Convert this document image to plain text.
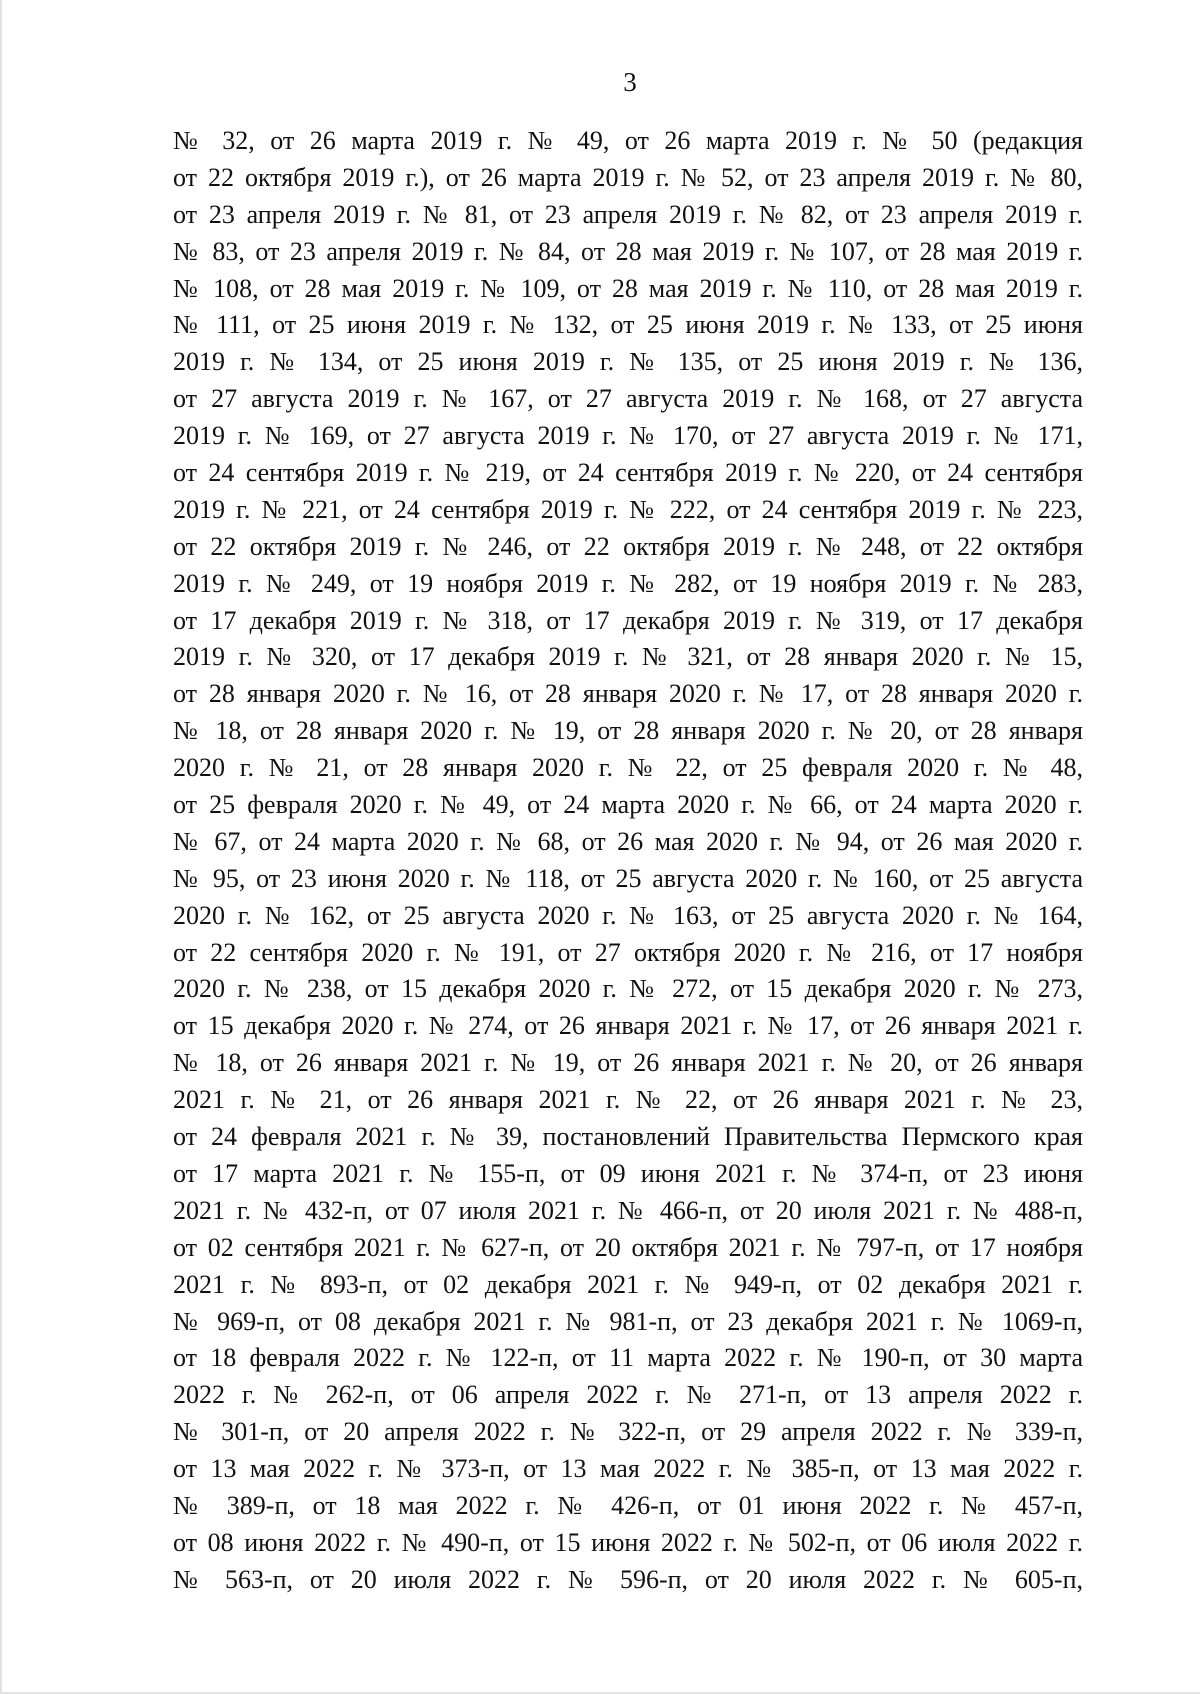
3
№ 32, от 26 марта 2019 г. № 49, от 26 марта 2019 г. № 50 (редакция
от 22 октября 2019 г.), от 26 марта 2019 г. № 52, от 23 апреля 2019 г. № 80,
от 23 апреля 2019 г. № 81, от 23 апреля 2019 г. № 82, от 23 апреля 2019 г.
№ 83, от 23 апреля 2019 г. № 84, от 28 мая 2019 г. № 107, от 28 мая 2019 г.
№ 108, от 28 мая 2019 г. № 109, от 28 мая 2019 г. № 110, от 28 мая 2019 г.
№ 111, от 25 июня 2019 г. № 132, от 25 июня 2019 г. № 133, от 25 июня
2019 г. № 134, от 25 июня 2019 г. № 135, от 25 июня 2019 г. № 136,
от 27 августа 2019 г. № 167, от 27 августа 2019 г. № 168, от 27 августа
2019 г. № 169, от 27 августа 2019 г. № 170, от 27 августа 2019 г. № 171,
от 24 сентября 2019 г. № 219, от 24 сентября 2019 г. № 220, от 24 сентября
2019 г. № 221, от 24 сентября 2019 г. № 222, от 24 сентября 2019 г. № 223,
от 22 октября 2019 г. № 246, от 22 октября 2019 г. № 248, от 22 октября
2019 г. № 249, от 19 ноября 2019 г. № 282, от 19 ноября 2019 г. № 283,
от 17 декабря 2019 г. № 318, от 17 декабря 2019 г. № 319, от 17 декабря
2019 г. № 320, от 17 декабря 2019 г. № 321, от 28 января 2020 г. № 15,
от 28 января 2020 г. № 16, от 28 января 2020 г. № 17, от 28 января 2020 г.
№ 18, от 28 января 2020 г. № 19, от 28 января 2020 г. № 20, от 28 января
2020 г. № 21, от 28 января 2020 г. № 22, от 25 февраля 2020 г. № 48,
от 25 февраля 2020 г. № 49, от 24 марта 2020 г. № 66, от 24 марта 2020 г.
№ 67, от 24 марта 2020 г. № 68, от 26 мая 2020 г. № 94, от 26 мая 2020 г.
№ 95, от 23 июня 2020 г. № 118, от 25 августа 2020 г. № 160, от 25 августа
2020 г. № 162, от 25 августа 2020 г. № 163, от 25 августа 2020 г. № 164,
от 22 сентября 2020 г. № 191, от 27 октября 2020 г. № 216, от 17 ноября
2020 г. № 238, от 15 декабря 2020 г. № 272, от 15 декабря 2020 г. № 273,
от 15 декабря 2020 г. № 274, от 26 января 2021 г. № 17, от 26 января 2021 г.
№ 18, от 26 января 2021 г. № 19, от 26 января 2021 г. № 20, от 26 января
2021 г. № 21, от 26 января 2021 г. № 22, от 26 января 2021 г. № 23,
от 24 февраля 2021 г. № 39, постановлений Правительства Пермского края
от 17 марта 2021 г. № 155-п, от 09 июня 2021 г. № 374-п, от 23 июня
2021 г. № 432-п, от 07 июля 2021 г. № 466-п, от 20 июля 2021 г. № 488-п,
от 02 сентября 2021 г. № 627-п, от 20 октября 2021 г. № 797-п, от 17 ноября
2021 г. № 893-п, от 02 декабря 2021 г. № 949-п, от 02 декабря 2021 г.
№ 969-п, от 08 декабря 2021 г. № 981-п, от 23 декабря 2021 г. № 1069-п,
от 18 февраля 2022 г. № 122-п, от 11 марта 2022 г. № 190-п, от 30 марта
2022 г. № 262-п, от 06 апреля 2022 г. № 271-п, от 13 апреля 2022 г.
№ 301-п, от 20 апреля 2022 г. № 322-п, от 29 апреля 2022 г. № 339-п,
от 13 мая 2022 г. № 373-п, от 13 мая 2022 г. № 385-п, от 13 мая 2022 г.
№ 389-п, от 18 мая 2022 г. № 426-п, от 01 июня 2022 г. № 457-п,
от 08 июня 2022 г. № 490-п, от 15 июня 2022 г. № 502-п, от 06 июля 2022 г.
№ 563-п, от 20 июля 2022 г. № 596-п, от 20 июля 2022 г. № 605-п,
